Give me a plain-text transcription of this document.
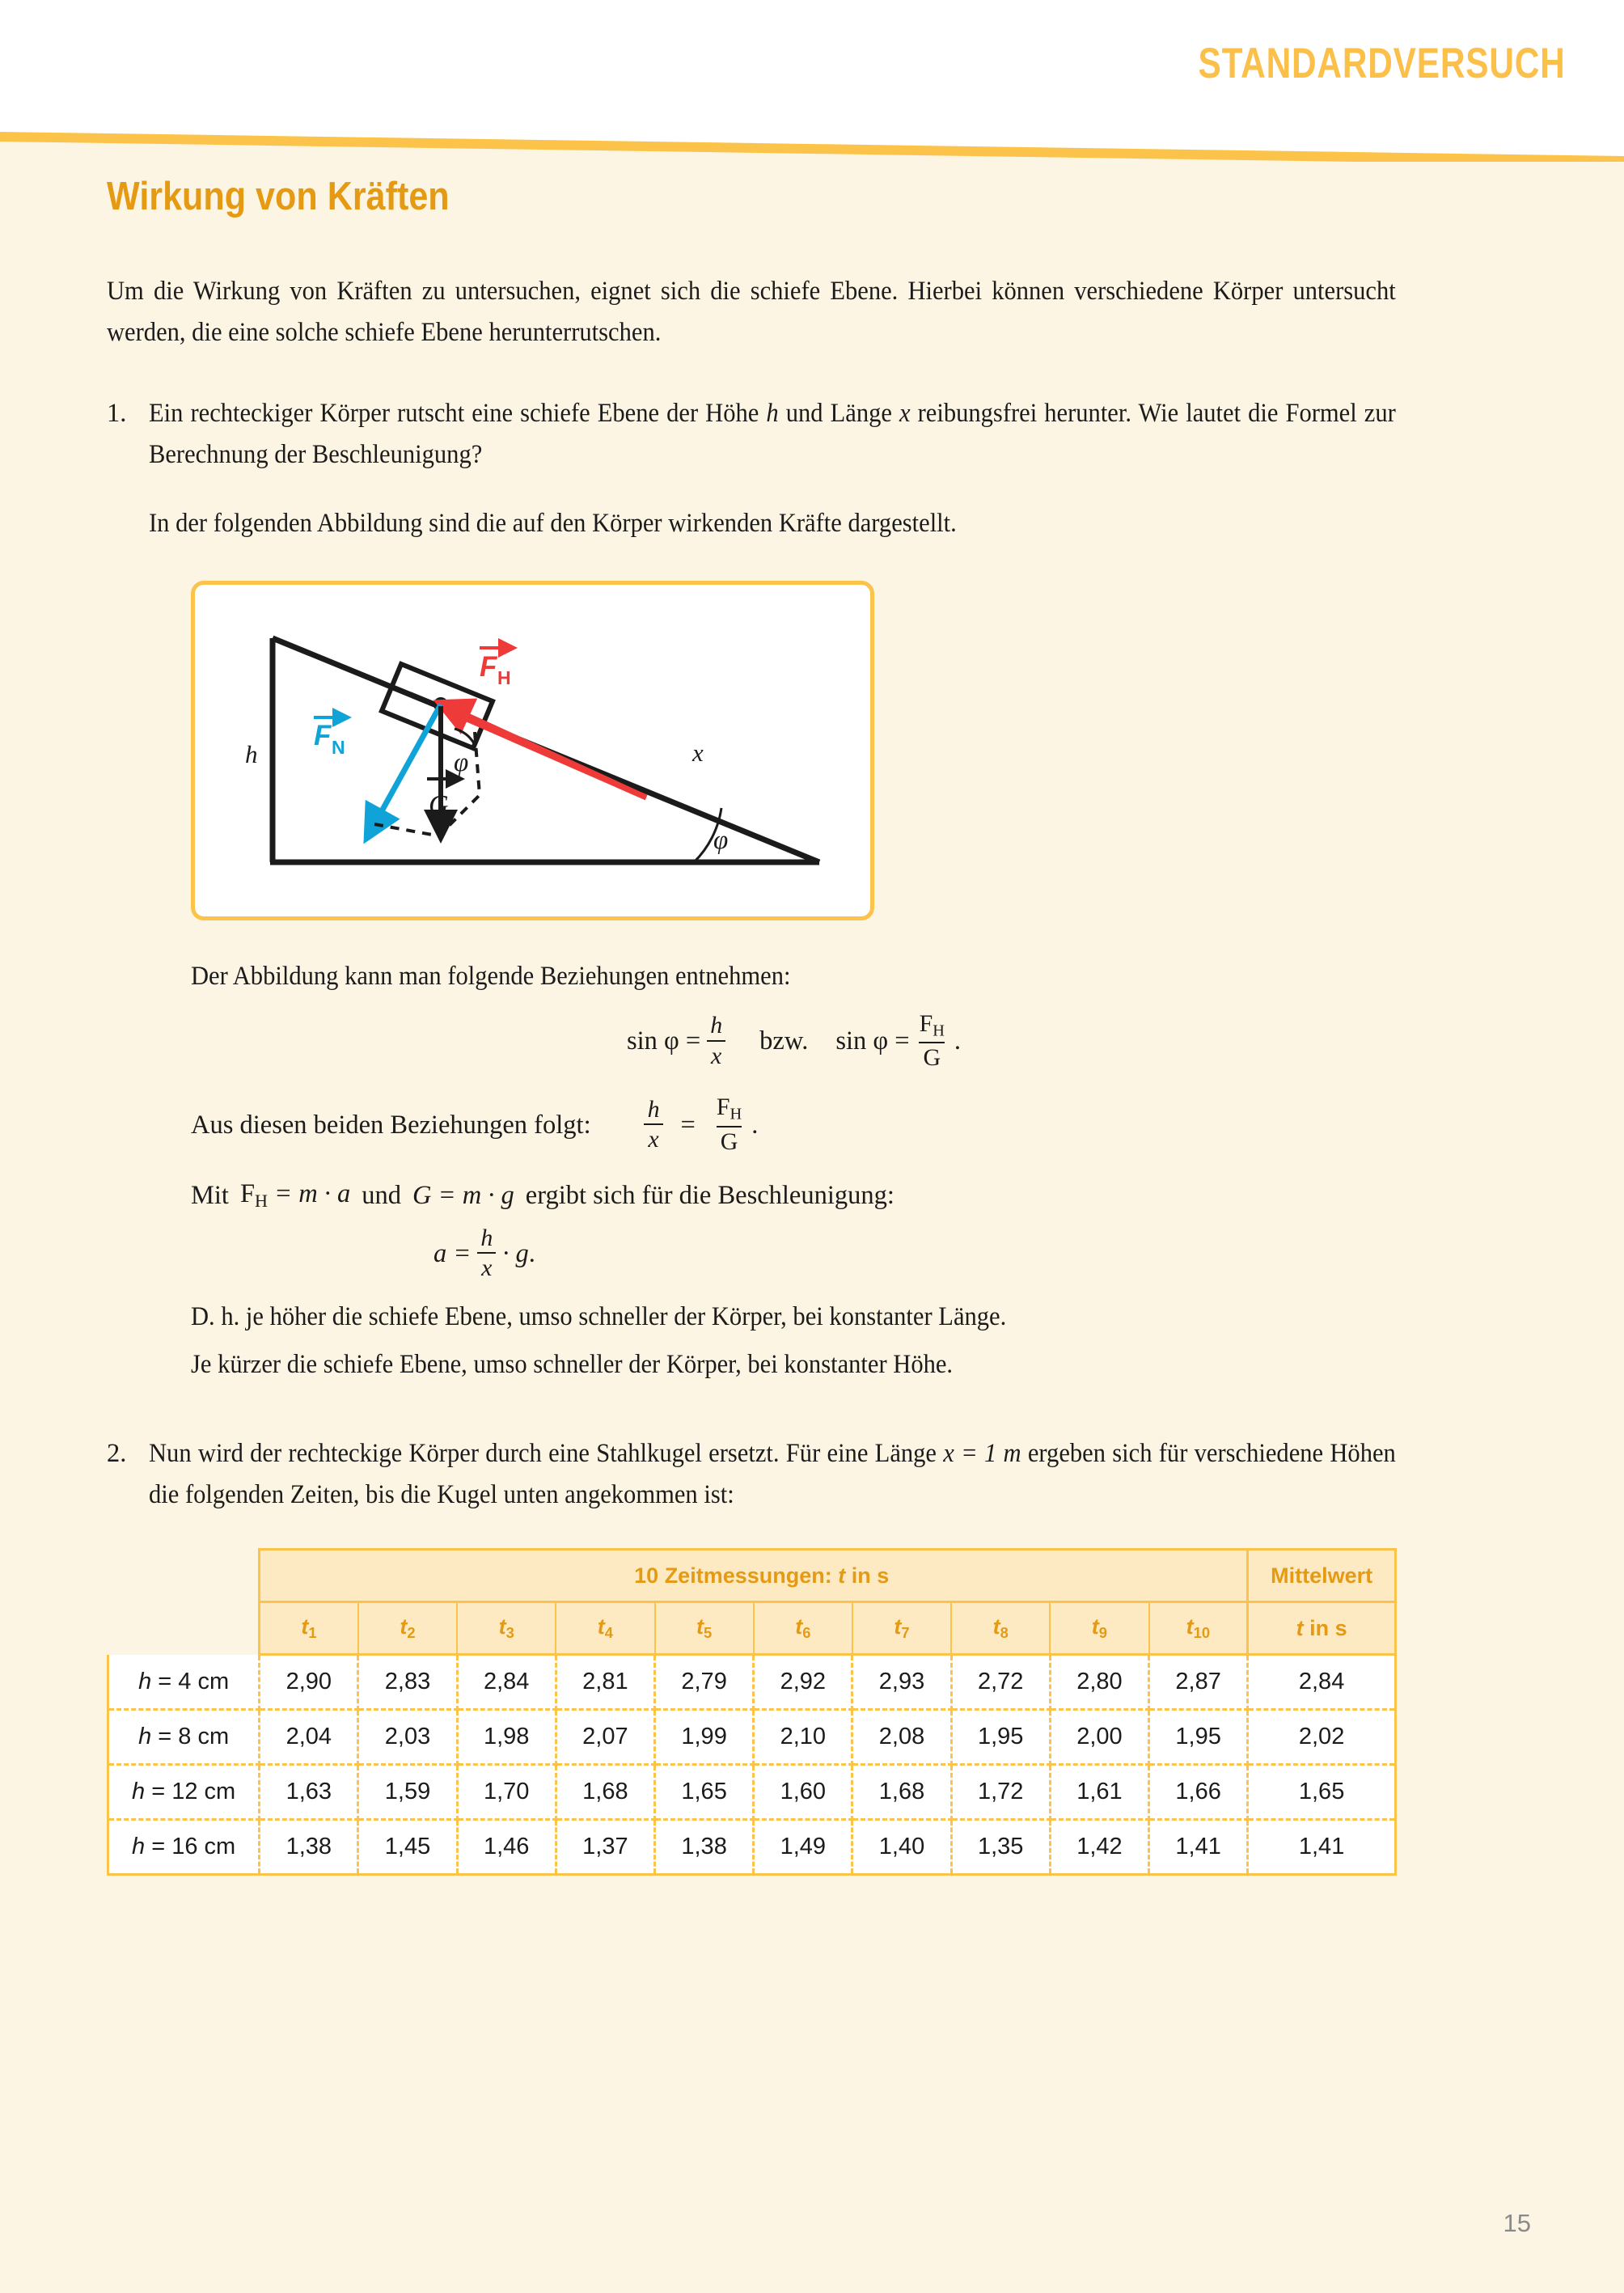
STANDARDVERSUCH
Wirkung von Kräften

Um die Wirkung von Kräften zu untersuchen, eignet sich die schiefe Ebene. Hierbei können verschiedene Körper untersucht werden, die eine solche schiefe Ebene herunterrutschen.

1. Ein rechteckiger Körper rutscht eine schiefe Ebene der Höhe h und Länge x reibungsfrei herunter. Wie lautet die Formel zur Berechnung der Beschleunigung?

In der folgenden Abbildung sind die auf den Körper wirkenden Kräfte dargestellt.

h	x
φ
φ
G
F H
F N

Der Abbildung kann man folgende Beziehungen entnehmen:

$\sin \varphi = \frac{h}{x}$ bzw. $\sin \varphi = \frac{F_H}{G}$ .
Aus diesen beiden Beziehungen folgt: $\frac{h}{x} = \frac{F_H}{G}$ .
Mit $F_H = m \cdot a$ und G = m · g ergibt sich für die Beschleunigung:
$a = \frac{h}{x} \cdot g$ .

D. h. je höher die schiefe Ebene, umso schneller der Körper, bei konstanter Länge.

Je kürzer die schiefe Ebene, umso schneller der Körper, bei konstanter Höhe.

2. Nun wird der rechteckige Körper durch eine Stahlkugel ersetzt. Für eine Länge x = 1 m ergeben sich für verschiedene Höhen die folgenden Zeiten, bis die Kugel unten angekommen ist:

	10 Zeitmessungen: t in s										Mittelwert
	$t_1$	$t_2$	$t_3$	$t_4$	$t_5$	$t_6$	$t_7$	$t_8$	$t_9$	$t_{10}$	t in s
h = 4 cm	2,90	2,83	2,84	2,81	2,79	2,92	2,93	2,72	2,80	2,87	2,84
h = 8 cm	2,04	2,03	1,98	2,07	1,99	2,10	2,08	1,95	2,00	1,95	2,02
h = 12 cm	1,63	1,59	1,70	1,68	1,65	1,60	1,68	1,72	1,61	1,66	1,65
h = 16 cm	1,38	1,45	1,46	1,37	1,38	1,49	1,40	1,35	1,42	1,41	1,41
15
